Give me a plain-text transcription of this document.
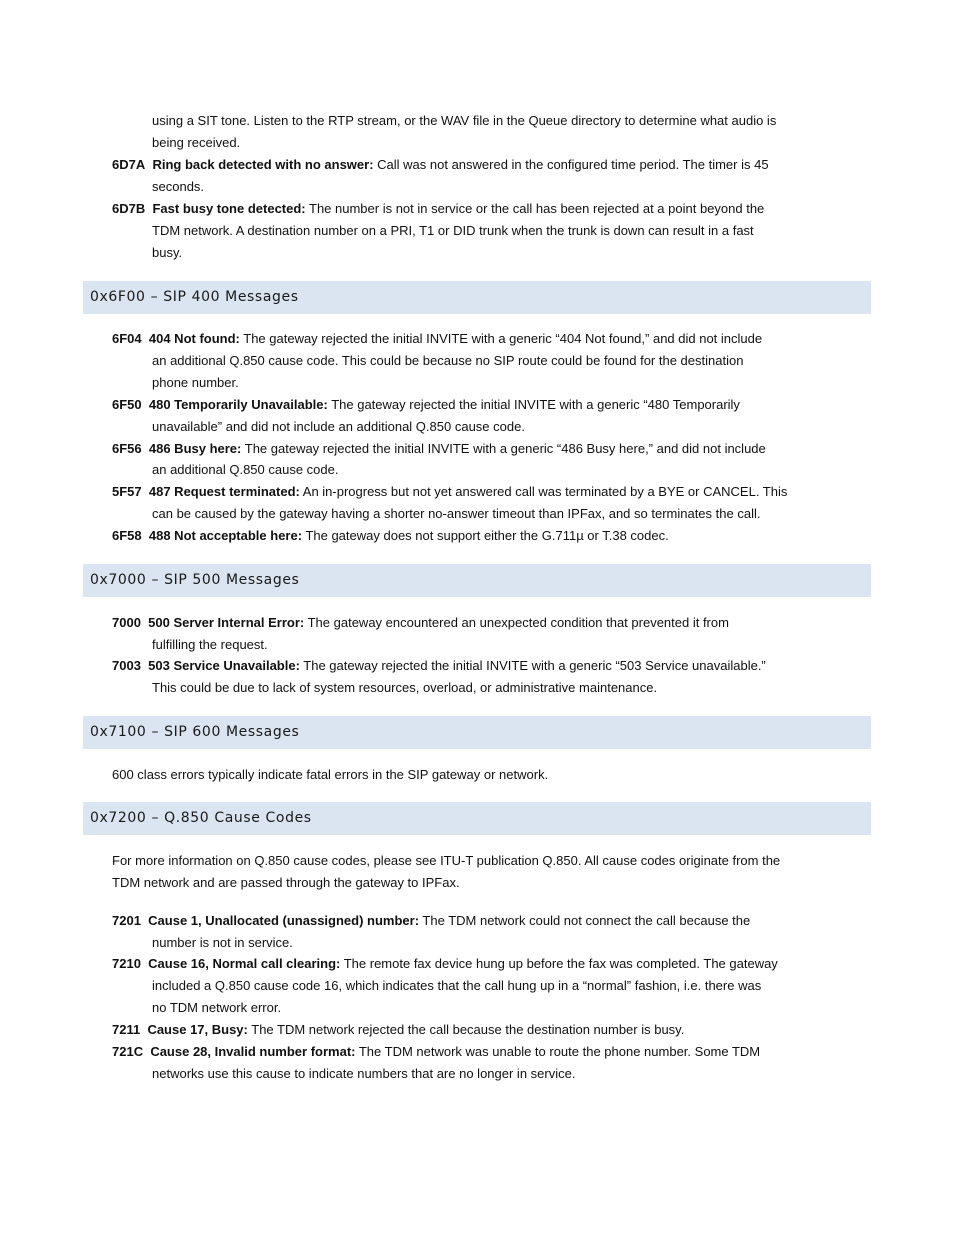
using a SIT tone. Listen to the RTP stream, or the WAV file in the Queue directory to determine what audio is
being received.
6D7A Ring back detected with no answer: Call was not answered in the configured time period. The timer is 45
seconds.
6D7B Fast busy tone detected: The number is not in service or the call has been rejected at a point beyond the
TDM network. A destination number on a PRI, T1 or DID trunk when the trunk is down can result in a fast
busy.
0x6F00 – SIP 400 Messages
6F04 404 Not found: The gateway rejected the initial INVITE with a generic “404 Not found,” and did not include
an additional Q.850 cause code. This could be because no SIP route could be found for the destination
phone number.
6F50 480 Temporarily Unavailable: The gateway rejected the initial INVITE with a generic “480 Temporarily
unavailable” and did not include an additional Q.850 cause code.
6F56 486 Busy here: The gateway rejected the initial INVITE with a generic “486 Busy here,” and did not include
an additional Q.850 cause code.
5F57 487 Request terminated: An in-progress but not yet answered call was terminated by a BYE or CANCEL. This
can be caused by the gateway having a shorter no-answer timeout than IPFax, and so terminates the call.
6F58 488 Not acceptable here: The gateway does not support either the G.711µ or T.38 codec.
0x7000 – SIP 500 Messages
7000 500 Server Internal Error: The gateway encountered an unexpected condition that prevented it from
fulfilling the request.
7003 503 Service Unavailable: The gateway rejected the initial INVITE with a generic “503 Service unavailable.”
This could be due to lack of system resources, overload, or administrative maintenance.
0x7100 – SIP 600 Messages
600 class errors typically indicate fatal errors in the SIP gateway or network.
0x7200 – Q.850 Cause Codes
For more information on Q.850 cause codes, please see ITU-T publication Q.850. All cause codes originate from the
TDM network and are passed through the gateway to IPFax.
7201 Cause 1, Unallocated (unassigned) number: The TDM network could not connect the call because the
number is not in service.
7210 Cause 16, Normal call clearing: The remote fax device hung up before the fax was completed. The gateway
included a Q.850 cause code 16, which indicates that the call hung up in a “normal” fashion, i.e. there was
no TDM network error.
7211 Cause 17, Busy: The TDM network rejected the call because the destination number is busy.
721C Cause 28, Invalid number format: The TDM network was unable to route the phone number. Some TDM
networks use this cause to indicate numbers that are no longer in service.
